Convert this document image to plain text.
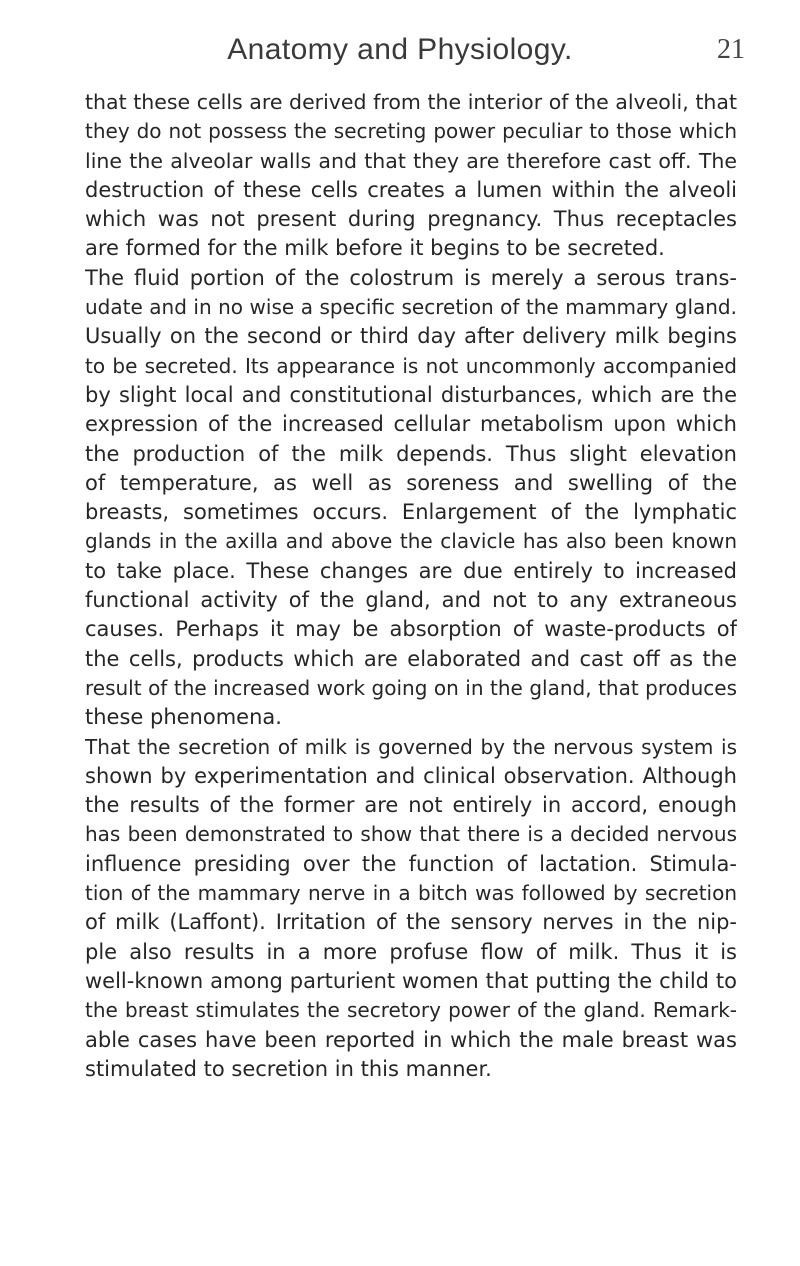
Anatomy and Physiology.	21
that these cells are derived from the interior of the alveoli, that
they do not possess the secreting power peculiar to those which
line the alveolar walls and that they are therefore cast off. The
destruction of these cells creates a lumen within the alveoli
which was not present during pregnancy. Thus receptacles
are formed for the milk before it begins to be secreted.
The fluid portion of the colostrum is merely a serous trans-
udate and in no wise a specific secretion of the mammary gland.
Usually on the second or third day after delivery milk begins
to be secreted. Its appearance is not uncommonly accompanied
by slight local and constitutional disturbances, which are the
expression of the increased cellular metabolism upon which
the production of the milk depends. Thus slight elevation
of temperature, as well as soreness and swelling of the
breasts, sometimes occurs. Enlargement of the lymphatic
glands in the axilla and above the clavicle has also been known
to take place. These changes are due entirely to increased
functional activity of the gland, and not to any extraneous
causes. Perhaps it may be absorption of waste-products of
the cells, products which are elaborated and cast off as the
result of the increased work going on in the gland, that produces
these phenomena.
That the secretion of milk is governed by the nervous system is
shown by experimentation and clinical observation. Although
the results of the former are not entirely in accord, enough
has been demonstrated to show that there is a decided nervous
influence presiding over the function of lactation. Stimula-
tion of the mammary nerve in a bitch was followed by secretion
of milk (Laffont). Irritation of the sensory nerves in the nip-
ple also results in a more profuse flow of milk. Thus it is
well-known among parturient women that putting the child to
the breast stimulates the secretory power of the gland. Remark-
able cases have been reported in which the male breast was
stimulated to secretion in this manner.
